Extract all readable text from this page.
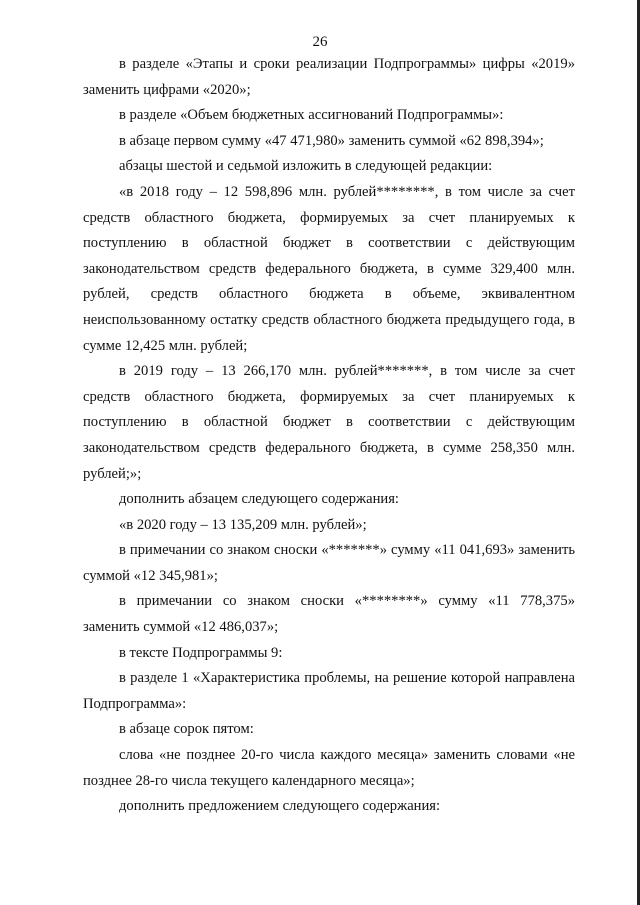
26

в разделе «Этапы и сроки реализации Подпрограммы» цифры «2019» заменить цифрами «2020»;

в разделе «Объем бюджетных ассигнований Подпрограммы»:

в абзаце первом сумму «47 471,980» заменить суммой «62 898,394»;

абзацы шестой и седьмой изложить в следующей редакции:

«в 2018 году – 12 598,896 млн. рублей********, в том числе за счет средств областного бюджета, формируемых за счет планируемых к поступлению в областной бюджет в соответствии с действующим законодательством средств федерального бюджета, в сумме 329,400 млн. рублей, средств областного бюджета в объеме, эквивалентном неиспользованному остатку средств областного бюджета предыдущего года, в сумме 12,425 млн. рублей;

в 2019 году – 13 266,170 млн. рублей*******, в том числе за счет средств областного бюджета, формируемых за счет планируемых к поступлению в областной бюджет в соответствии с действующим законодательством средств федерального бюджета, в сумме 258,350 млн. рублей;»;

дополнить абзацем следующего содержания:

«в 2020 году – 13 135,209 млн. рублей»;

в примечании со знаком сноски «*******» сумму «11 041,693» заменить суммой «12 345,981»;

в примечании со знаком сноски «********» сумму «11 778,375» заменить суммой «12 486,037»;

в тексте Подпрограммы 9:

в разделе 1 «Характеристика проблемы, на решение которой направлена Подпрограмма»:

в абзаце сорок пятом:

слова «не позднее 20-го числа каждого месяца» заменить словами «не позднее 28-го числа текущего календарного месяца»;

дополнить предложением следующего содержания:
